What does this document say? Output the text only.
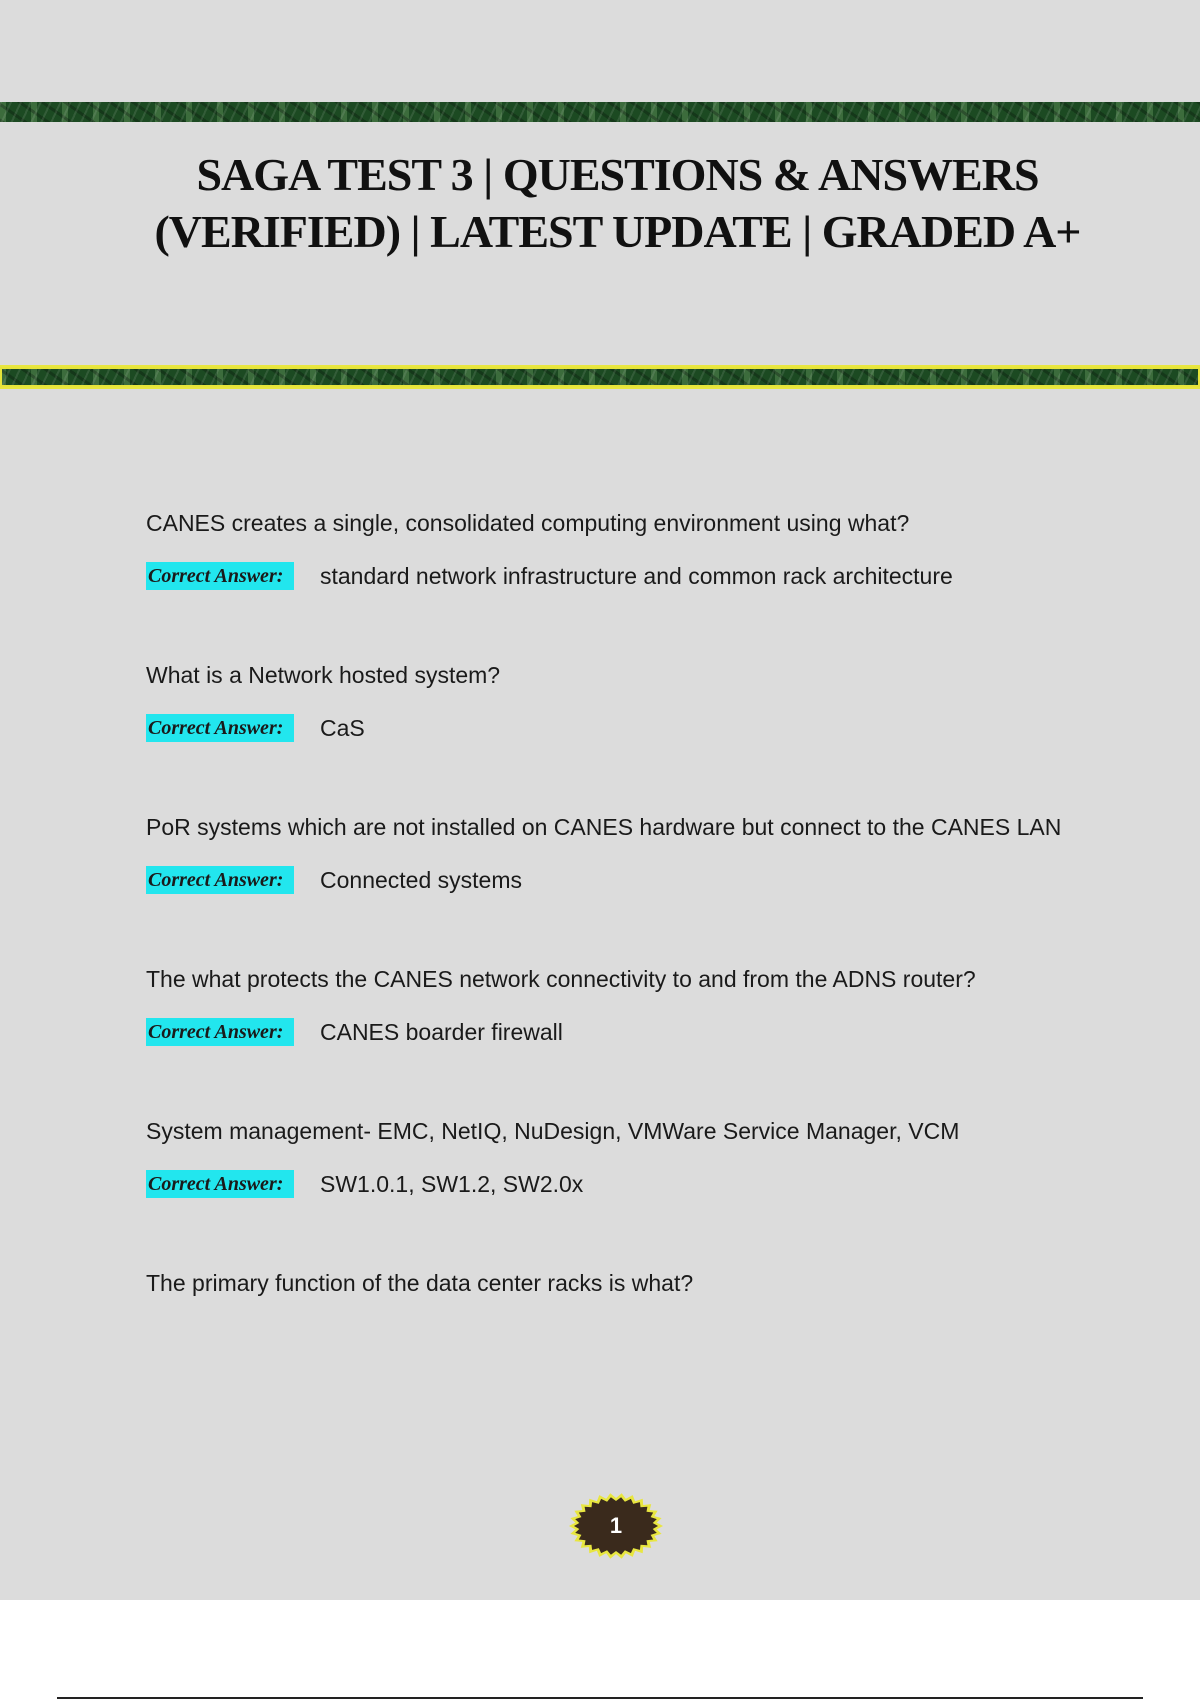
SAGA TEST 3 | QUESTIONS & ANSWERS (VERIFIED) | LATEST UPDATE | GRADED A+

CANES creates a single, consolidated computing environment using what?

Correct Answer:	standard network infrastructure and common rack architecture

What is a Network hosted system?

Correct Answer:	CaS

PoR systems which are not installed on CANES hardware but connect to the CANES LAN

Correct Answer:	Connected systems

The what protects the CANES network connectivity to and from the ADNS router?

Correct Answer:	CANES boarder firewall

System management- EMC, NetIQ, NuDesign, VMWare Service Manager, VCM

Correct Answer:	SW1.0.1, SW1.2, SW2.0x

The primary function of the data center racks is what?

1
